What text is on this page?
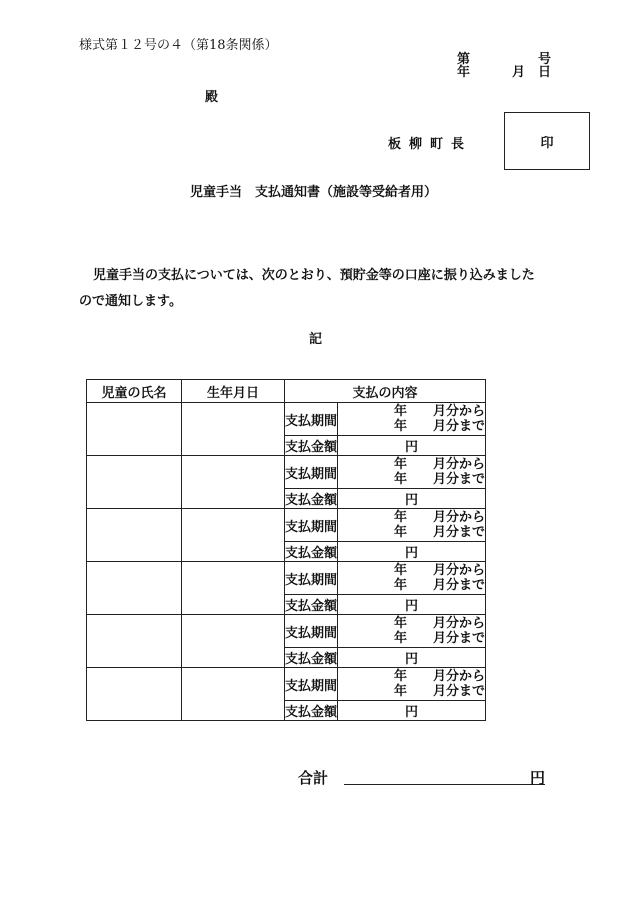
様式第１２号の４（第18条関係）
第	号
年	月 日
殿
板柳町長	印
児童手当　支払通知書（施設等受給者用）
児童手当の支払については、次のとおり、預貯金等の口座に振り込みました
ので通知します。
記
児童の氏名	生年月日	支払の内容	
		支払期間	年　　月分から
年　　月分まで

		支払金額	円
		支払期間	年　　月分から
年　　月分まで

		支払金額	円
		支払期間	年　　月分から
年　　月分まで

		支払金額	円
		支払期間	年　　月分から
年　　月分まで

		支払金額	円
		支払期間	年　　月分から
年　　月分まで

		支払金額	円
		支払期間	年　　月分から
年　　月分まで

		支払金額	円
合計	円
